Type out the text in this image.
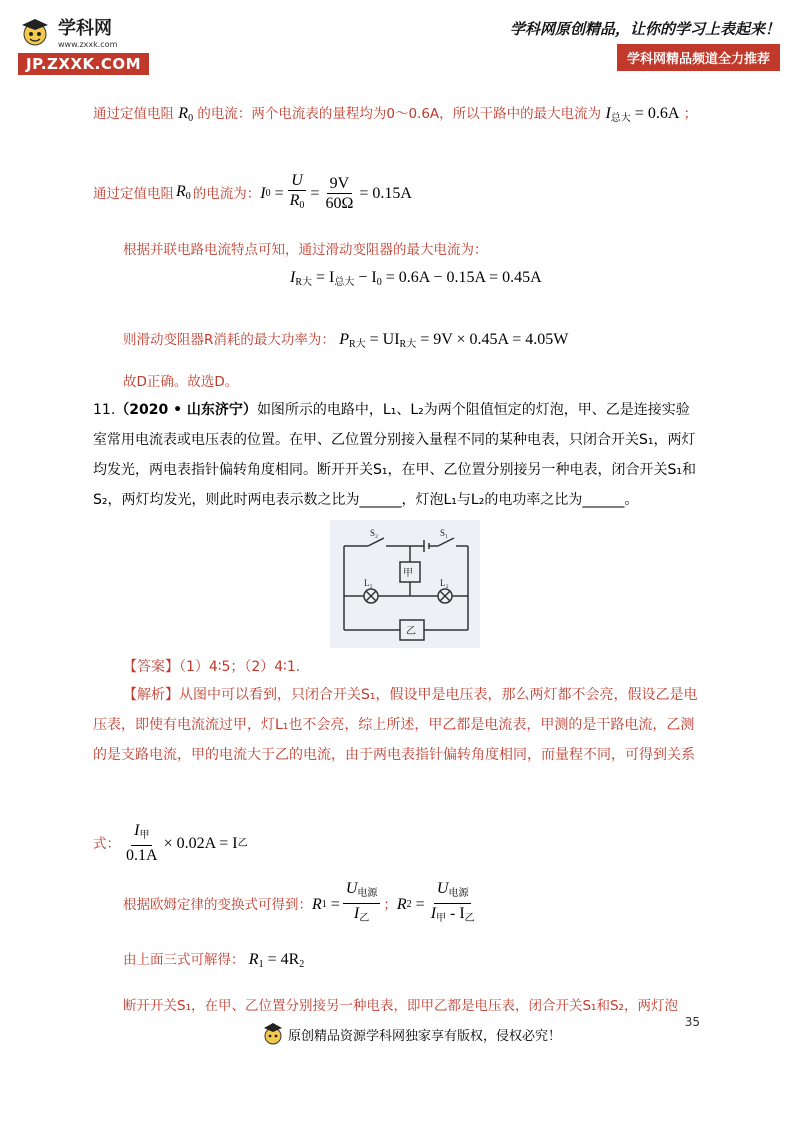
学科网
www.zxxk.com
JP.ZXXK.COM
学科网原创精品，让你的学习上表起来！
学科网精品频道全力推荐
通过定值电阻 $R_0$ 的电流：两个电流表的量程均为0～0.6A，所以干路中的最大电流为 $I_{总大} = 0.6A$ ；
通过定值电阻 $R_0$ 的电流为： I 0
= $\frac{U}{R_0} = \frac{9V}{60\Omega} = 0.15A$
根据并联电路电流特点可知，通过滑动变阻器的最大电流为：
$I_{R大} = I_{总大} - I_0 = 0.6A - 0.15A = 0.45A$
则滑动变阻器R消耗的最大功率为： $P_{R大} = UI_{R大} = 9V \times 0.45A = 4.05W$
故D正确。故选D。
11.（2020 • 山东济宁）如图所示的电路中，L₁、L₂为两个阻值恒定的灯泡，甲、乙是连接实验
室常用电流表或电压表的位置。在甲、乙位置分别接入量程不同的某种电表，只闭合开关S₁，两灯
均发光，两电表指针偏转角度相同。断开开关S₁，在甲、乙位置分别接另一种电表，闭合开关S₁和
S₂，两灯均发光，则此时两电表示数之比为______，灯泡L₁与L₂的电功率之比为______。
S₂	S₁
甲
乙
L₁	L₂
【答案】（1）4∶5；（2）4∶1.
【解析】从图中可以看到，只闭合开关S₁，假设甲是电压表，那么两灯都不会亮，假设乙是电
压表，即使有电流流过甲，灯L₁也不会亮，综上所述，甲乙都是电流表，甲测的是干路电流，乙测
的是支路电流，甲的电流大于乙的电流，由于两电表指针偏转角度相同，而量程不同，可得到关系
式： $\frac{I_甲}{0.1A} \times 0.02A = I$ 乙
根据欧姆定律的变换式可得到： R $1 = \frac{U_{电源}}{I_乙}$ ； R $2 = \frac{U_{电源}}{I_甲 - I_乙}$
由上面三式可解得： $R_1 = 4R_2$
断开开关S₁，在甲、乙位置分别接另一种电表，即甲乙都是电压表，闭合开关S₁和S₂，两灯泡
35
原创精品资源学科网独家享有版权，侵权必究！
